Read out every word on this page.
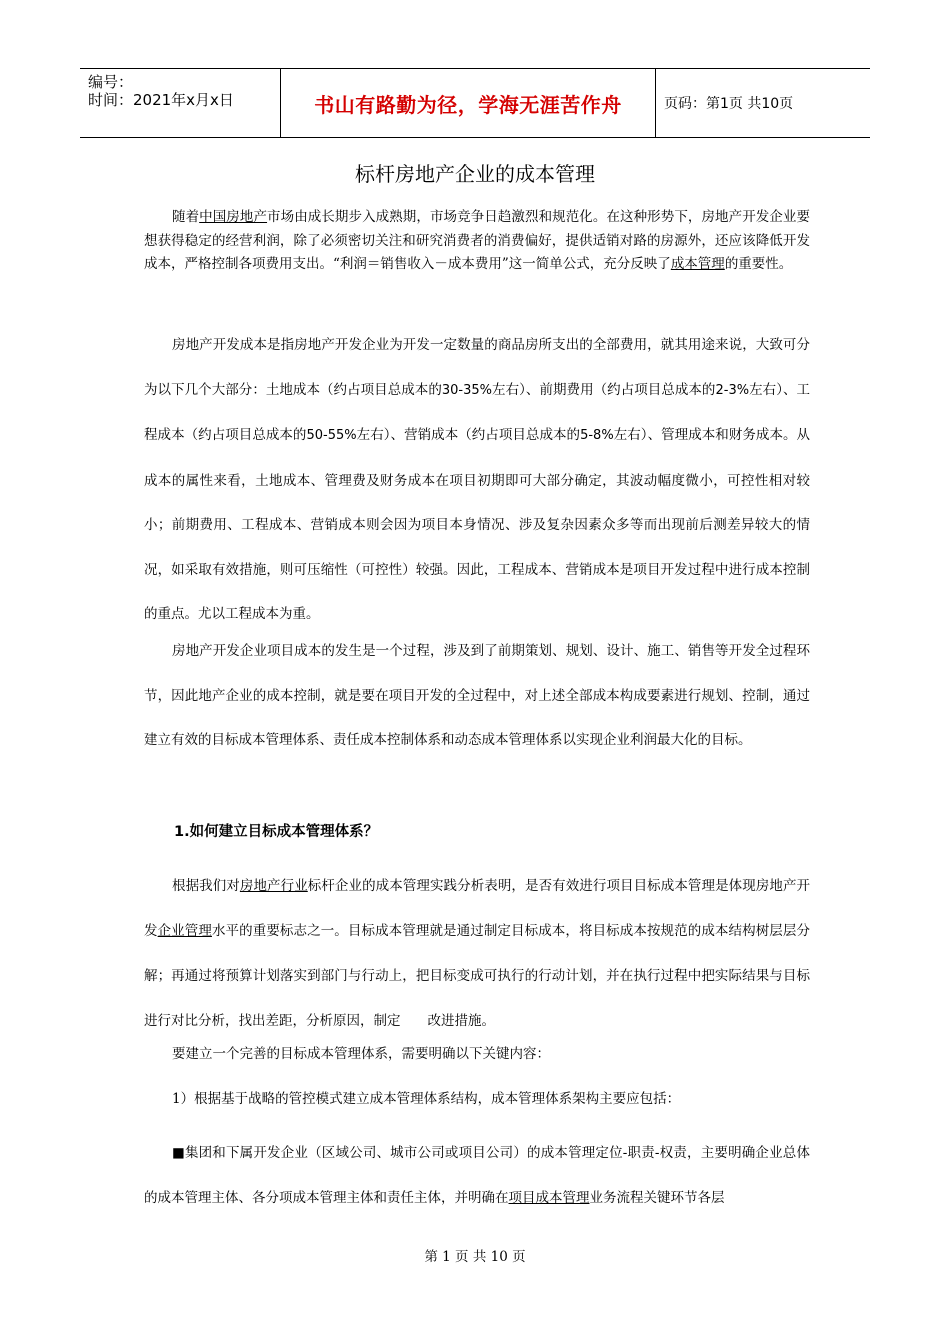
编号：
时间：2021年x月x日	书山有路勤为径，学海无涯苦作舟	页码：第1页 共10页
标杆房地产企业的成本管理

随着中国房地产市场由成长期步入成熟期，市场竞争日趋激烈和规范化。在这种形势下，房地产开发企业要想获得稳定的经营利润，除了必须密切关注和研究消费者的消费偏好，提供适销对路的房源外，还应该降低开发成本，严格控制各项费用支出。“利润＝销售收入－成本费用”这一简单公式，充分反映了成本管理的重要性。

房地产开发成本是指房地产开发企业为开发一定数量的商品房所支出的全部费用，就其用途来说，大致可分为以下几个大部分：土地成本（约占项目总成本的30-35%左右）、前期费用（约占项目总成本的2-3%左右）、工程成本（约占项目总成本的50-55%左右）、营销成本（约占项目总成本的5-8%左右）、管理成本和财务成本。从成本的属性来看，土地成本、管理费及财务成本在项目初期即可大部分确定，其波动幅度微小，可控性相对较小；前期费用、工程成本、营销成本则会因为项目本身情况、涉及复杂因素众多等而出现前后测差异较大的情况，如采取有效措施，则可压缩性（可控性）较强。因此，工程成本、营销成本是项目开发过程中进行成本控制的重点。尤以工程成本为重。

房地产开发企业项目成本的发生是一个过程，涉及到了前期策划、规划、设计、施工、销售等开发全过程环节，因此地产企业的成本控制，就是要在项目开发的全过程中，对上述全部成本构成要素进行规划、控制，通过建立有效的目标成本管理体系、责任成本控制体系和动态成本管理体系以实现企业利润最大化的目标。

1.如何建立目标成本管理体系？

根据我们对房地产行业标杆企业的成本管理实践分析表明，是否有效进行项目目标成本管理是体现房地产开发企业管理水平的重要标志之一。目标成本管理就是通过制定目标成本，将目标成本按规范的成本结构树层层分解；再通过将预算计划落实到部门与行动上，把目标变成可执行的行动计划，并在执行过程中把实际结果与目标进行对比分析，找出差距，分析原因，制定　　改进措施。

要建立一个完善的目标成本管理体系，需要明确以下关键内容：

1）根据基于战略的管控模式建立成本管理体系结构，成本管理体系架构主要应包括：

■集团和下属开发企业（区域公司、城市公司或项目公司）的成本管理定位-职责-权责，主要明确企业总体的成本管理主体、各分项成本管理主体和责任主体，并明确在项目成本管理业务流程关键环节各层

第 1 页 共 10 页
